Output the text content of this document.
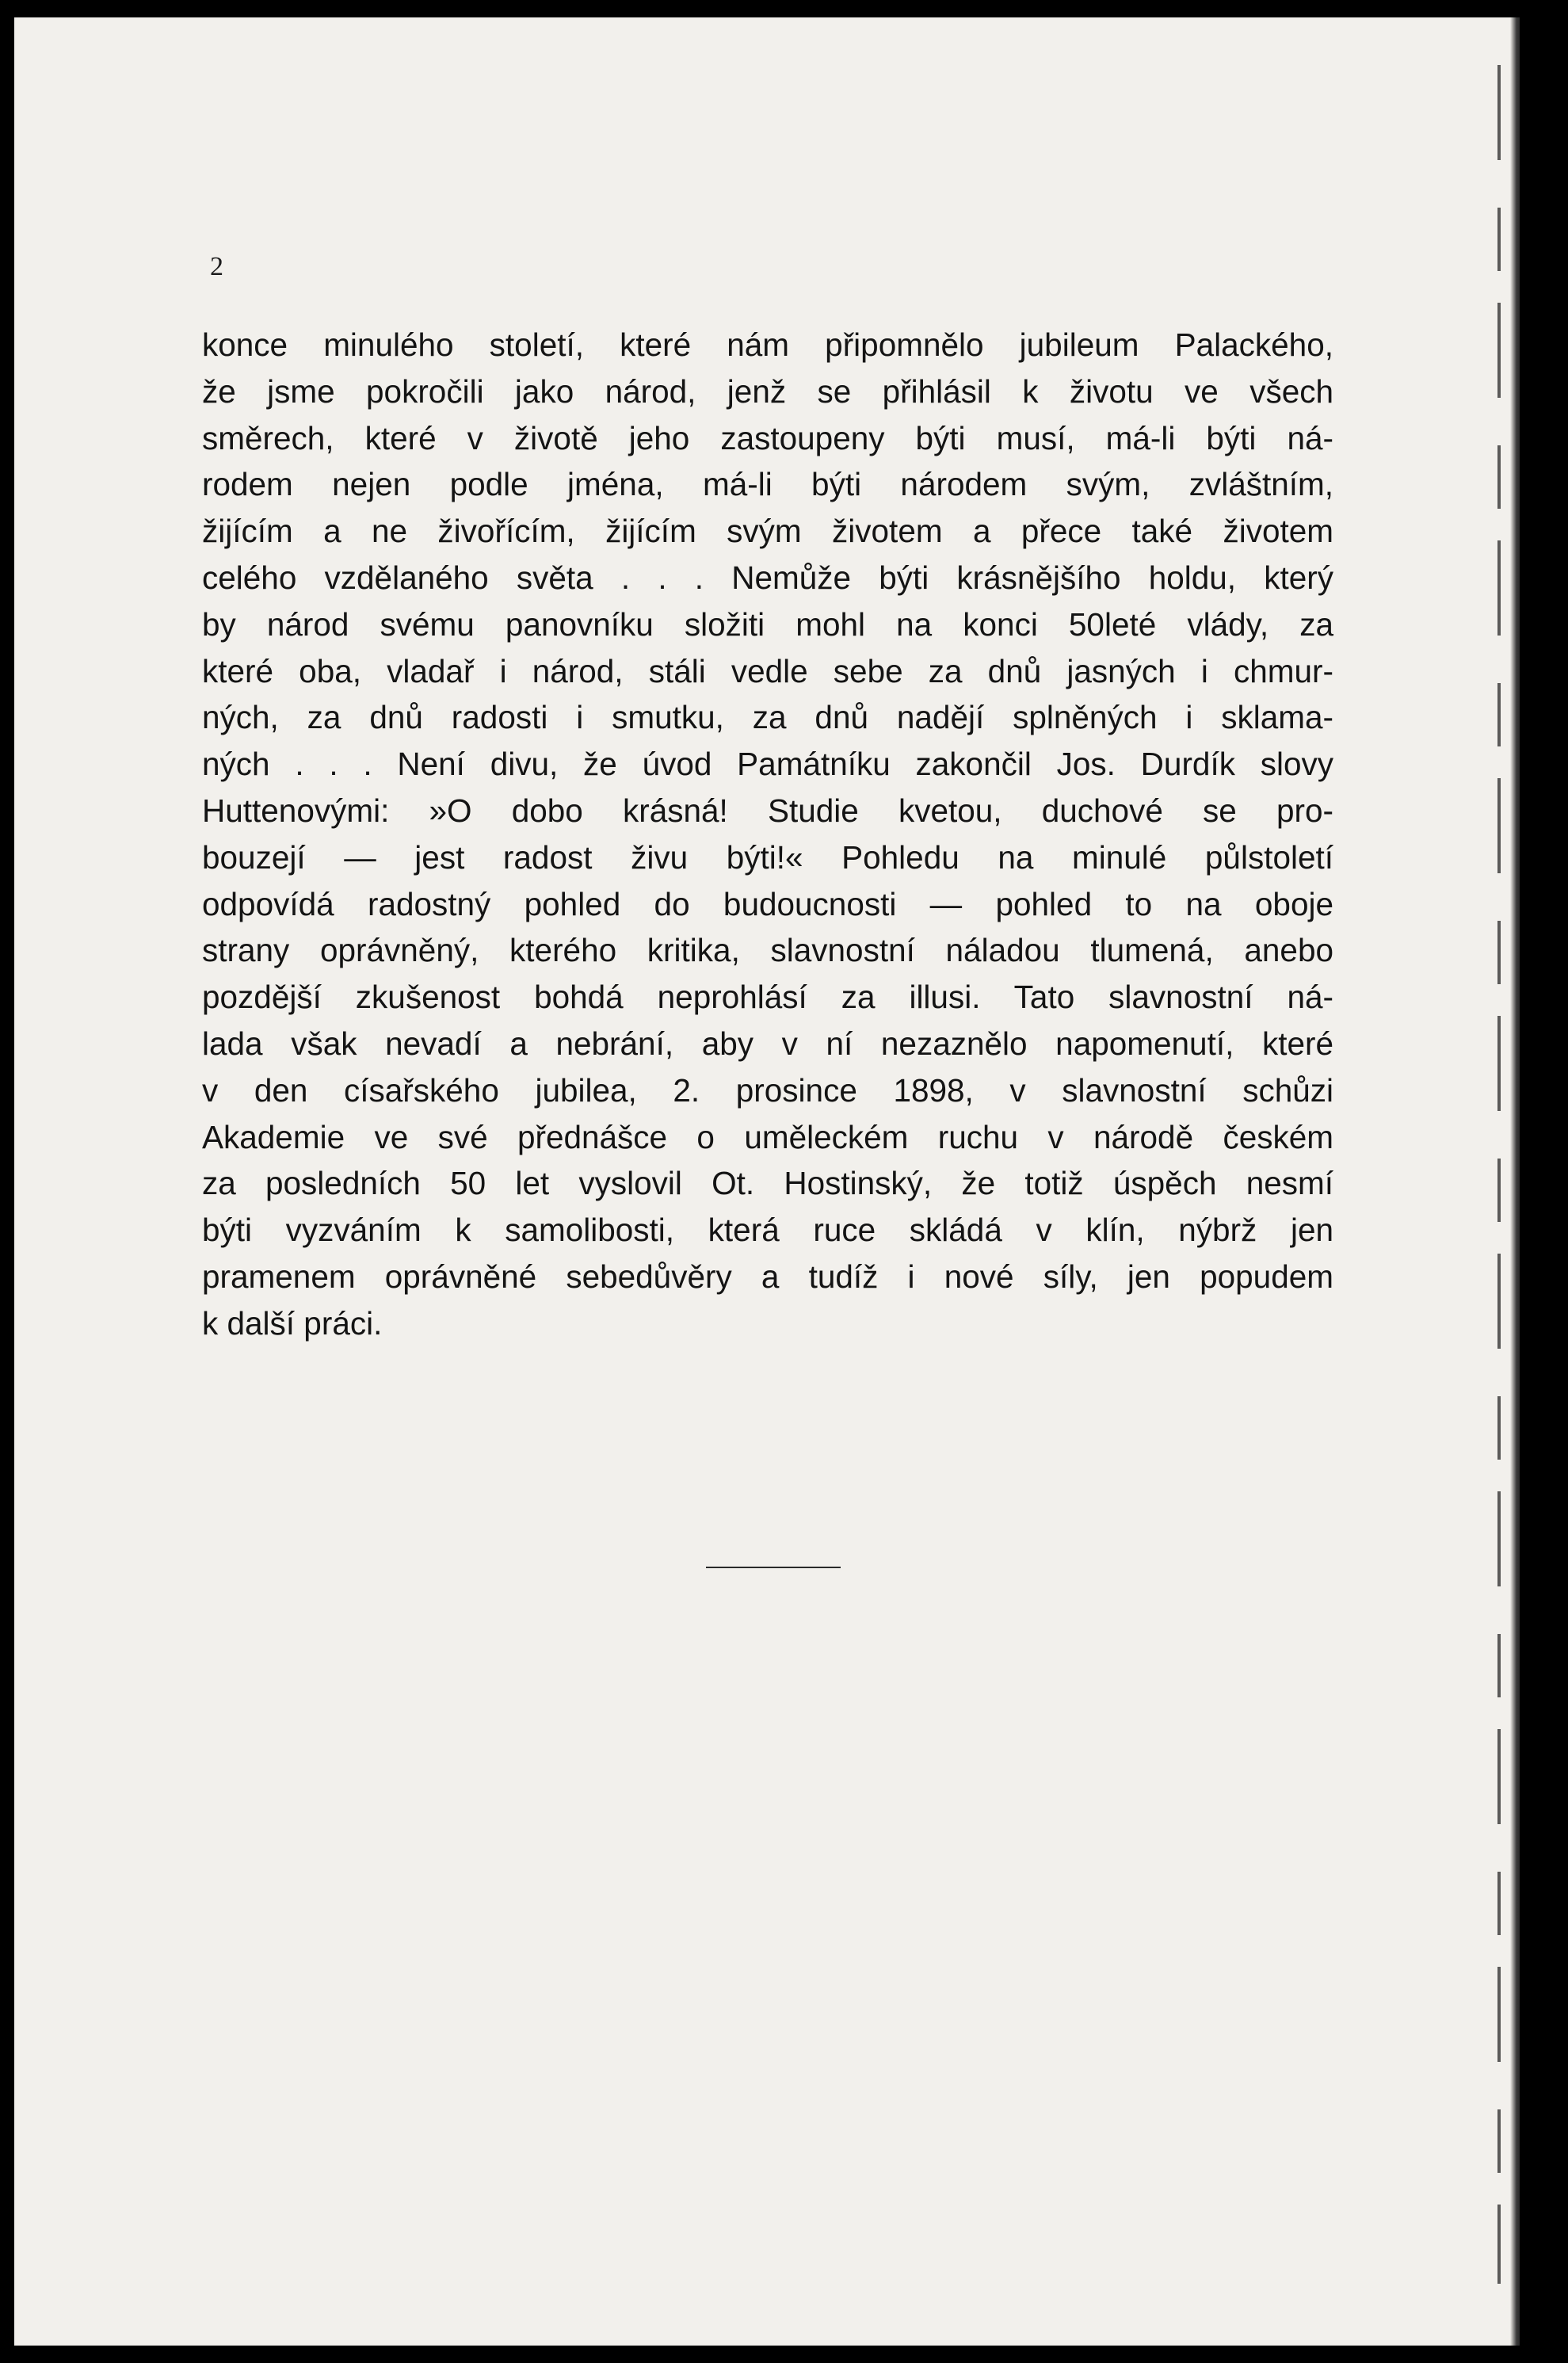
2

konce minulého století, které nám připomnělo jubileum Palackého,
že jsme pokročili jako národ, jenž se přihlásil k životu ve všech
směrech, které v životě jeho zastoupeny býti musí, má-li býti ná-
rodem nejen podle jména, má-li býti národem svým, zvláštním,
žijícím a ne živořícím, žijícím svým životem a přece také životem
celého vzdělaného světa . . . Nemůže býti krásnějšího holdu, který
by národ svému panovníku složiti mohl na konci 50leté vlády, za
které oba, vladař i národ, stáli vedle sebe za dnů jasných i chmur-
ných, za dnů radosti i smutku, za dnů nadějí splněných i sklama-
ných . . . Není divu, že úvod Památníku zakončil Jos. Durdík slovy
Huttenovými: »O dobo krásná! Studie kvetou, duchové se pro-
bouzejí — jest radost živu býti!« Pohledu na minulé půlstoletí
odpovídá radostný pohled do budoucnosti — pohled to na oboje
strany oprávněný, kterého kritika, slavnostní náladou tlumená, anebo
pozdější zkušenost bohdá neprohlásí za illusi. Tato slavnostní ná-
lada však nevadí a nebrání, aby v ní nezaznělo napomenutí, které
v den císařského jubilea, 2. prosince 1898, v slavnostní schůzi
Akademie ve své přednášce o uměleckém ruchu v národě českém
za posledních 50 let vyslovil Ot. Hostinský, že totiž úspěch nesmí
býti vyzváním k samolibosti, která ruce skládá v klín, nýbrž jen
pramenem oprávněné sebedůvěry a tudíž i nové síly, jen popudem
k další práci.
